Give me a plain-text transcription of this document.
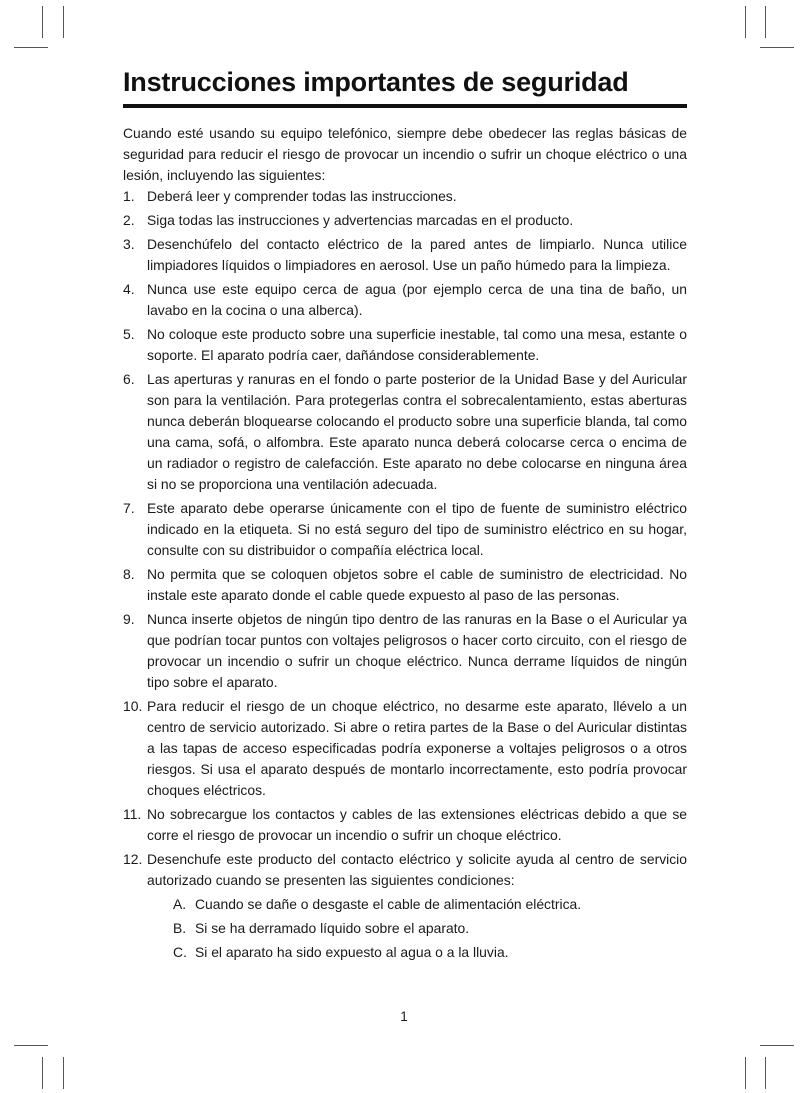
Instrucciones importantes de seguridad

Cuando esté usando su equipo telefónico, siempre debe obedecer las reglas básicas de seguridad para reducir el riesgo de provocar un incendio o sufrir un choque eléctrico o una lesión, incluyendo las siguientes:

1. Deberá leer y comprender todas las instrucciones.
2. Siga todas las instrucciones y advertencias marcadas en el producto.
3. Desenchúfelo del contacto eléctrico de la pared antes de limpiarlo. Nunca utilice limpiadores líquidos o limpiadores en aerosol. Use un paño húmedo para la limpieza.
4. Nunca use este equipo cerca de agua (por ejemplo cerca de una tina de baño, un lavabo en la cocina o una alberca).
5. No coloque este producto sobre una superficie inestable, tal como una mesa, estante o soporte. El aparato podría caer, dañándose considerablemente.
6. Las aperturas y ranuras en el fondo o parte posterior de la Unidad Base y del Auricular son para la ventilación. Para protegerlas contra el sobrecalentamiento, estas aberturas nunca deberán bloquearse colocando el producto sobre una superficie blanda, tal como una cama, sofá, o alfombra. Este aparato nunca deberá colocarse cerca o encima de un radiador o registro de calefacción. Este aparato no debe colocarse en ninguna área si no se proporciona una ventilación adecuada.
7. Este aparato debe operarse únicamente con el tipo de fuente de suministro eléctrico indicado en la etiqueta. Si no está seguro del tipo de suministro eléctrico en su hogar, consulte con su distribuidor o compañía eléctrica local.
8. No permita que se coloquen objetos sobre el cable de suministro de electricidad. No instale este aparato donde el cable quede expuesto al paso de las personas.
9. Nunca inserte objetos de ningún tipo dentro de las ranuras en la Base o el Auricular ya que podrían tocar puntos con voltajes peligrosos o hacer corto circuito, con el riesgo de provocar un incendio o sufrir un choque eléctrico. Nunca derrame líquidos de ningún tipo sobre el aparato.
10. Para reducir el riesgo de un choque eléctrico, no desarme este aparato, llévelo a un centro de servicio autorizado. Si abre o retira partes de la Base o del Auricular distintas a las tapas de acceso especificadas podría exponerse a voltajes peligrosos o a otros riesgos. Si usa el aparato después de montarlo incorrectamente, esto podría provocar choques eléctricos.
11. No sobrecargue los contactos y cables de las extensiones eléctricas debido a que se corre el riesgo de provocar un incendio o sufrir un choque eléctrico.
12. Desenchufe este producto del contacto eléctrico y solicite ayuda al centro de servicio autorizado cuando se presenten las siguientes condiciones:
A. Cuando se dañe o desgaste el cable de alimentación eléctrica.
B. Si se ha derramado líquido sobre el aparato.
C. Si el aparato ha sido expuesto al agua o a la lluvia.
1
